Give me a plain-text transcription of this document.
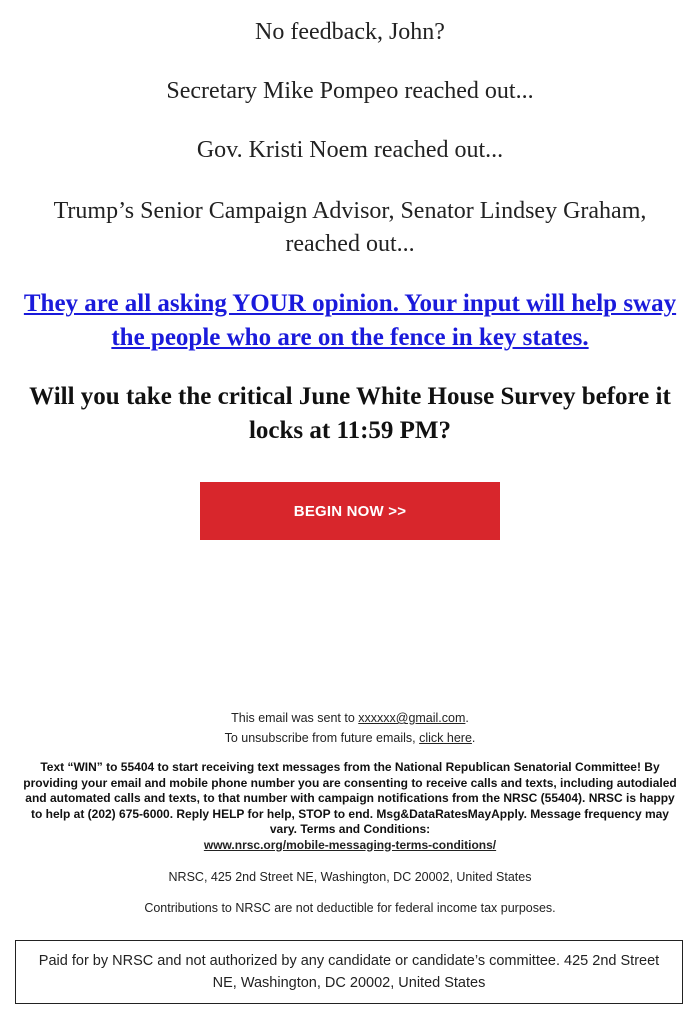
No feedback, John?

Secretary Mike Pompeo reached out...

Gov. Kristi Noem reached out...

Trump’s Senior Campaign Advisor, Senator Lindsey Graham, reached out...

They are all asking YOUR opinion. Your input will help sway the people who are on the fence in key states.

Will you take the critical June White House Survey before it locks at 11:59 PM?

BEGIN NOW >>
This email was sent to xxxxxx@gmail.com.
To unsubscribe from future emails, click here.
Text “WIN” to 55404 to start receiving text messages from the National Republican Senatorial Committee! By providing your email and mobile phone number you are consenting to receive calls and texts, including autodialed and automated calls and texts, to that number with campaign notifications from the NRSC (55404). NRSC is happy to help at (202) 675-6000. Reply HELP for help, STOP to end. Msg&DataRatesMayApply. Message frequency may vary. Terms and Conditions:
www.nrsc.org/mobile-messaging-terms-conditions/
NRSC, 425 2nd Street NE, Washington, DC 20002, United States
Contributions to NRSC are not deductible for federal income tax purposes.
Paid for by NRSC and not authorized by any candidate or candidate’s committee. 425 2nd Street NE, Washington, DC 20002, United States
